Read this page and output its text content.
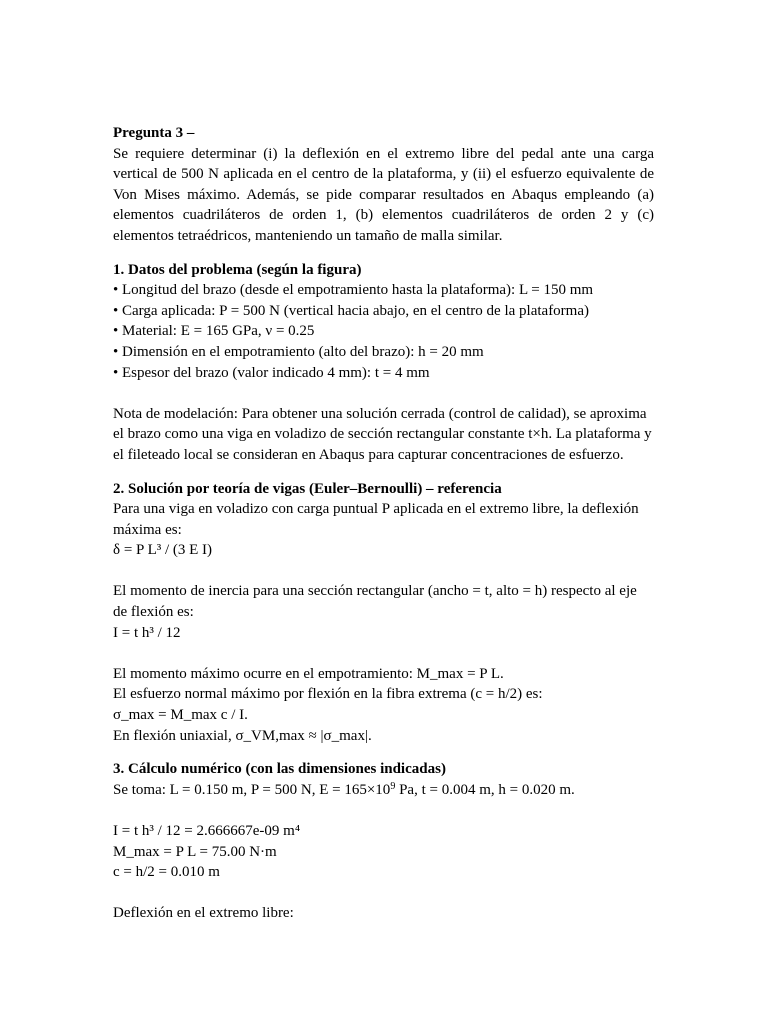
Pregunta 3 –
Se requiere determinar (i) la deflexión en el extremo libre del pedal ante una carga vertical de 500 N aplicada en el centro de la plataforma, y (ii) el esfuerzo equivalente de Von Mises máximo. Además, se pide comparar resultados en Abaqus empleando (a) elementos cuadriláteros de orden 1, (b) elementos cuadriláteros de orden 2 y (c) elementos tetraédricos, manteniendo un tamaño de malla similar.
1. Datos del problema (según la figura)
• Longitud del brazo (desde el empotramiento hasta la plataforma): L = 150 mm
• Carga aplicada: P = 500 N (vertical hacia abajo, en el centro de la plataforma)
• Material: E = 165 GPa, ν = 0.25
• Dimensión en el empotramiento (alto del brazo): h = 20 mm
• Espesor del brazo (valor indicado 4 mm): t = 4 mm
Nota de modelación: Para obtener una solución cerrada (control de calidad), se aproxima
el brazo como una viga en voladizo de sección rectangular constante t×h. La plataforma y
el fileteado local se consideran en Abaqus para capturar concentraciones de esfuerzo.
2. Solución por teoría de vigas (Euler–Bernoulli) – referencia
Para una viga en voladizo con carga puntual P aplicada en el extremo libre, la deflexión
máxima es:
δ = P L³ / (3 E I)
El momento de inercia para una sección rectangular (ancho = t, alto = h) respecto al eje
de flexión es:
I = t h³ / 12
El momento máximo ocurre en el empotramiento: M_max = P L.
El esfuerzo normal máximo por flexión en la fibra extrema (c = h/2) es:
σ_max = M_max c / I.
En flexión uniaxial, σ_VM,max ≈ |σ_max|.
3. Cálculo numérico (con las dimensiones indicadas)
Se toma: L = 0.150 m, P = 500 N, $E = 165\times 10^9$ Pa, t = 0.004 m, h = 0.020 m.
I = t h³ / 12 = 2.666667e-09 m⁴
M_max = P L = 75.00 N·m
c = h/2 = 0.010 m
Deflexión en el extremo libre:
